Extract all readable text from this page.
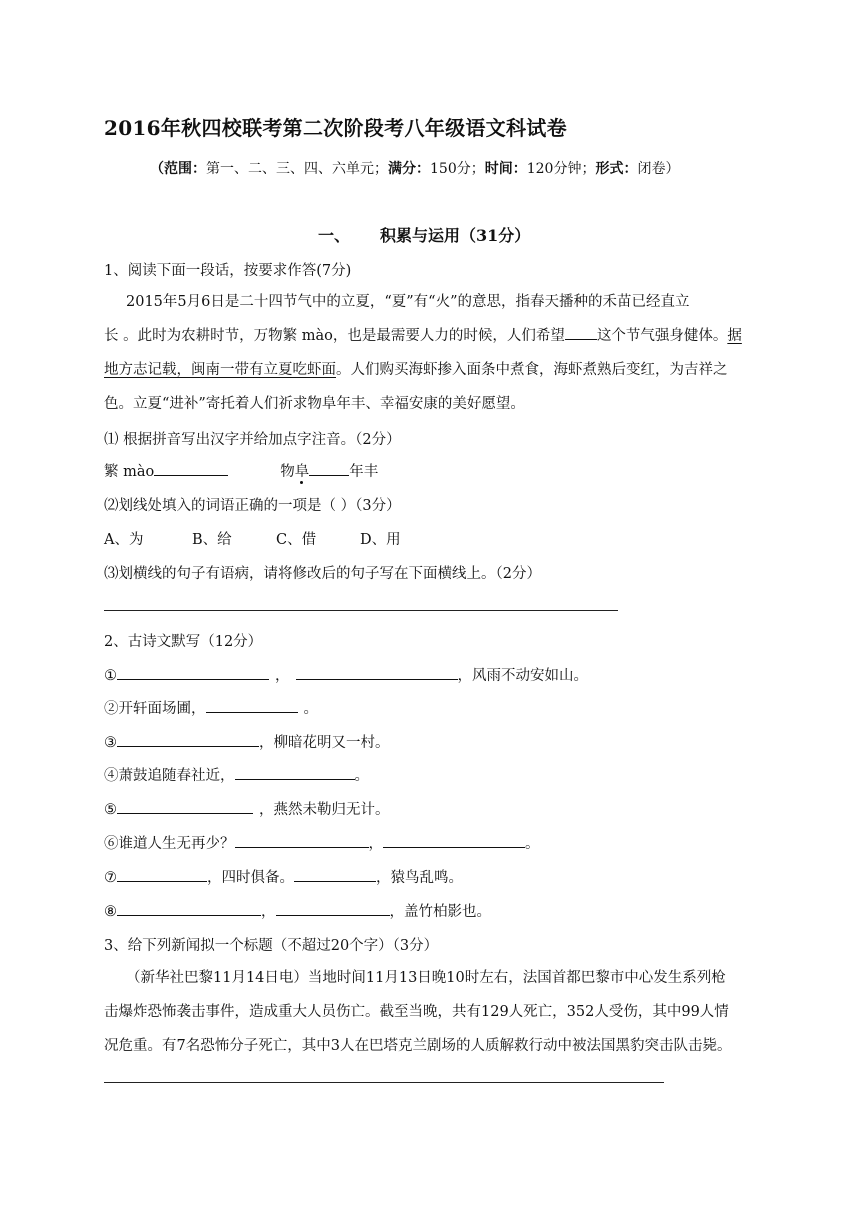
2016年秋四校联考第二次阶段考八年级语文科试卷
（范围：第一、二、三、四、六单元；满分：150分；时间：120分钟；形式：闭卷）
一、 积累与运用（31分）
1、阅读下面一段话，按要求作答(7分)
2015年5月6日是二十四节气中的立夏，“夏”有“火”的意思，指春天播种的禾苗已经直立
长 。此时为农耕时节，万物繁 mào，也是最需要人力的时候，人们希望 这个节气强身健体。据
地方志记载，闽南一带有立夏吃虾面。人们购买海虾掺入面条中煮食，海虾煮熟后变红，为吉祥之
色。立夏“进补”寄托着人们祈求物阜年丰、幸福安康的美好愿望。
⑴ 根据拼音写出汉字并给加点字注音。（2分）
繁 mào	物阜	年丰
⑵划线处填入的词语正确的一项是（ ）（3分）
A、为	B、给	C、借	D、用
⑶划横线的句子有语病，请将修改后的句子写在下面横线上。（2分）
2、古诗文默写（12分）
①	，	，风雨不动安如山。
②开轩面场圃，	。
③	，柳暗花明又一村。
④萧鼓追随春社近，	。
⑤	，燕然未勒归无计。
⑥谁道人生无再少？	，	。
⑦	，四时俱备。	，猿鸟乱鸣。
⑧	，	，盖竹柏影也。
3、给下列新闻拟一个标题（不超过20个字）（3分）
（新华社巴黎11月14日电）当地时间11月13日晚10时左右，法国首都巴黎市中心发生系列枪
击爆炸恐怖袭击事件，造成重大人员伤亡。截至当晚，共有129人死亡，352人受伤，其中99人情
况危重。有7名恐怖分子死亡，其中3人在巴塔克兰剧场的人质解救行动中被法国黑豹突击队击毙。
